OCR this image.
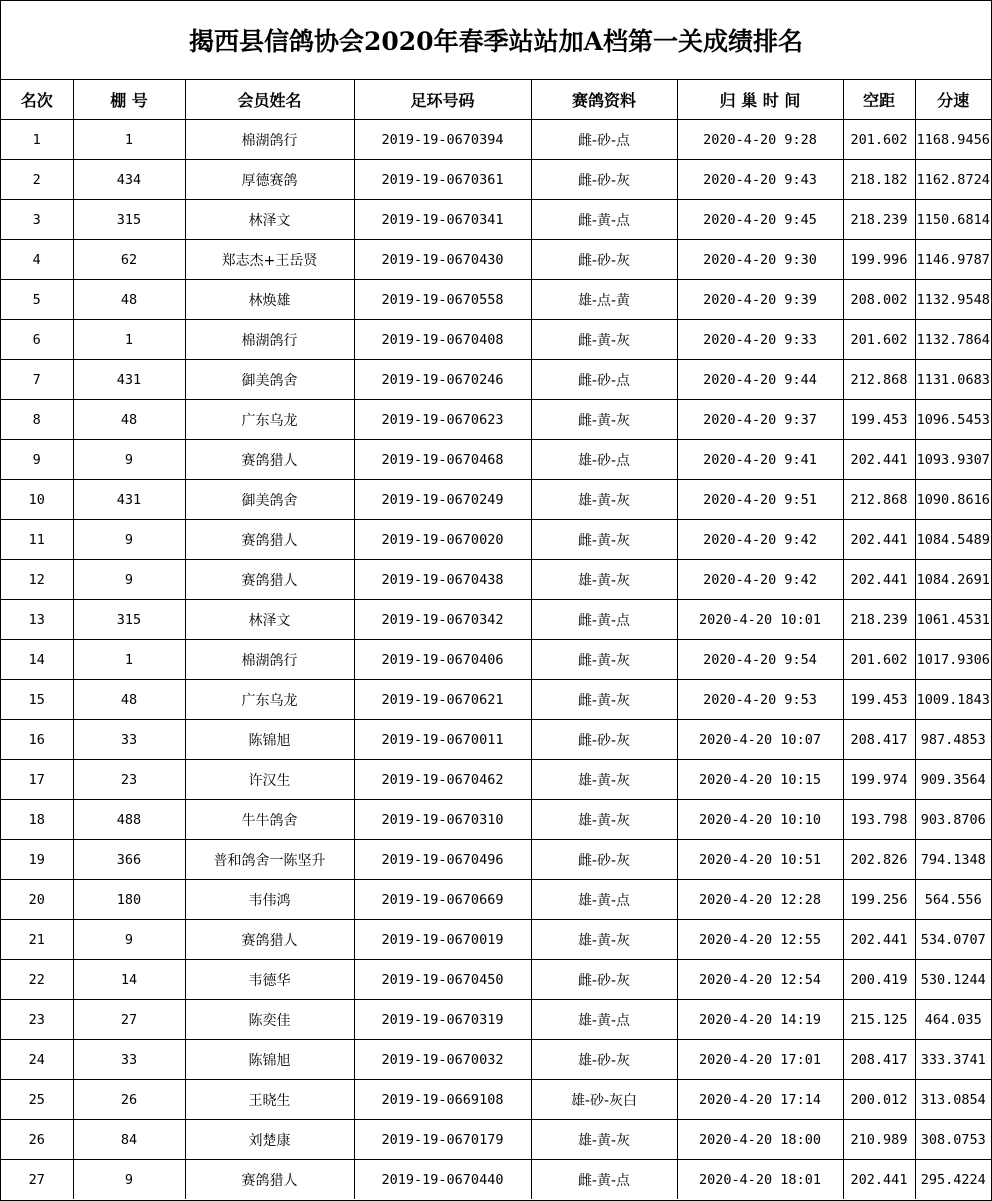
揭西县信鸽协会2020年春季站站加A档第一关成绩排名
名次	棚 号	会员姓名	足环号码	赛鸽资料	归 巢 时 间	空距	分速
1	1	棉湖鸽行	2019-19-0670394	雌-砂-点	2020-4-20 9:28	201.602	1168.9456
2	434	厚德赛鸽	2019-19-0670361	雌-砂-灰	2020-4-20 9:43	218.182	1162.8724
3	315	林泽文	2019-19-0670341	雌-黄-点	2020-4-20 9:45	218.239	1150.6814
4	62	郑志杰+王岳贤	2019-19-0670430	雌-砂-灰	2020-4-20 9:30	199.996	1146.9787
5	48	林焕雄	2019-19-0670558	雄-点-黄	2020-4-20 9:39	208.002	1132.9548
6	1	棉湖鸽行	2019-19-0670408	雌-黄-灰	2020-4-20 9:33	201.602	1132.7864
7	431	御美鸽舍	2019-19-0670246	雌-砂-点	2020-4-20 9:44	212.868	1131.0683
8	48	广东乌龙	2019-19-0670623	雌-黄-灰	2020-4-20 9:37	199.453	1096.5453
9	9	赛鸽猎人	2019-19-0670468	雄-砂-点	2020-4-20 9:41	202.441	1093.9307
10	431	御美鸽舍	2019-19-0670249	雄-黄-灰	2020-4-20 9:51	212.868	1090.8616
11	9	赛鸽猎人	2019-19-0670020	雌-黄-灰	2020-4-20 9:42	202.441	1084.5489
12	9	赛鸽猎人	2019-19-0670438	雄-黄-灰	2020-4-20 9:42	202.441	1084.2691
13	315	林泽文	2019-19-0670342	雌-黄-点	2020-4-20 10:01	218.239	1061.4531
14	1	棉湖鸽行	2019-19-0670406	雌-黄-灰	2020-4-20 9:54	201.602	1017.9306
15	48	广东乌龙	2019-19-0670621	雌-黄-灰	2020-4-20 9:53	199.453	1009.1843
16	33	陈锦旭	2019-19-0670011	雌-砂-灰	2020-4-20 10:07	208.417	987.4853
17	23	许汉生	2019-19-0670462	雄-黄-灰	2020-4-20 10:15	199.974	909.3564
18	488	牛牛鸽舍	2019-19-0670310	雄-黄-灰	2020-4-20 10:10	193.798	903.8706
19	366	普和鸽舍一陈坚升	2019-19-0670496	雌-砂-灰	2020-4-20 10:51	202.826	794.1348
20	180	韦伟鸿	2019-19-0670669	雄-黄-点	2020-4-20 12:28	199.256	564.556
21	9	赛鸽猎人	2019-19-0670019	雄-黄-灰	2020-4-20 12:55	202.441	534.0707
22	14	韦德华	2019-19-0670450	雌-砂-灰	2020-4-20 12:54	200.419	530.1244
23	27	陈奕佳	2019-19-0670319	雄-黄-点	2020-4-20 14:19	215.125	464.035
24	33	陈锦旭	2019-19-0670032	雄-砂-灰	2020-4-20 17:01	208.417	333.3741
25	26	王晓生	2019-19-0669108	雄-砂-灰白	2020-4-20 17:14	200.012	313.0854
26	84	刘楚康	2019-19-0670179	雄-黄-灰	2020-4-20 18:00	210.989	308.0753
27	9	赛鸽猎人	2019-19-0670440	雌-黄-点	2020-4-20 18:01	202.441	295.4224
